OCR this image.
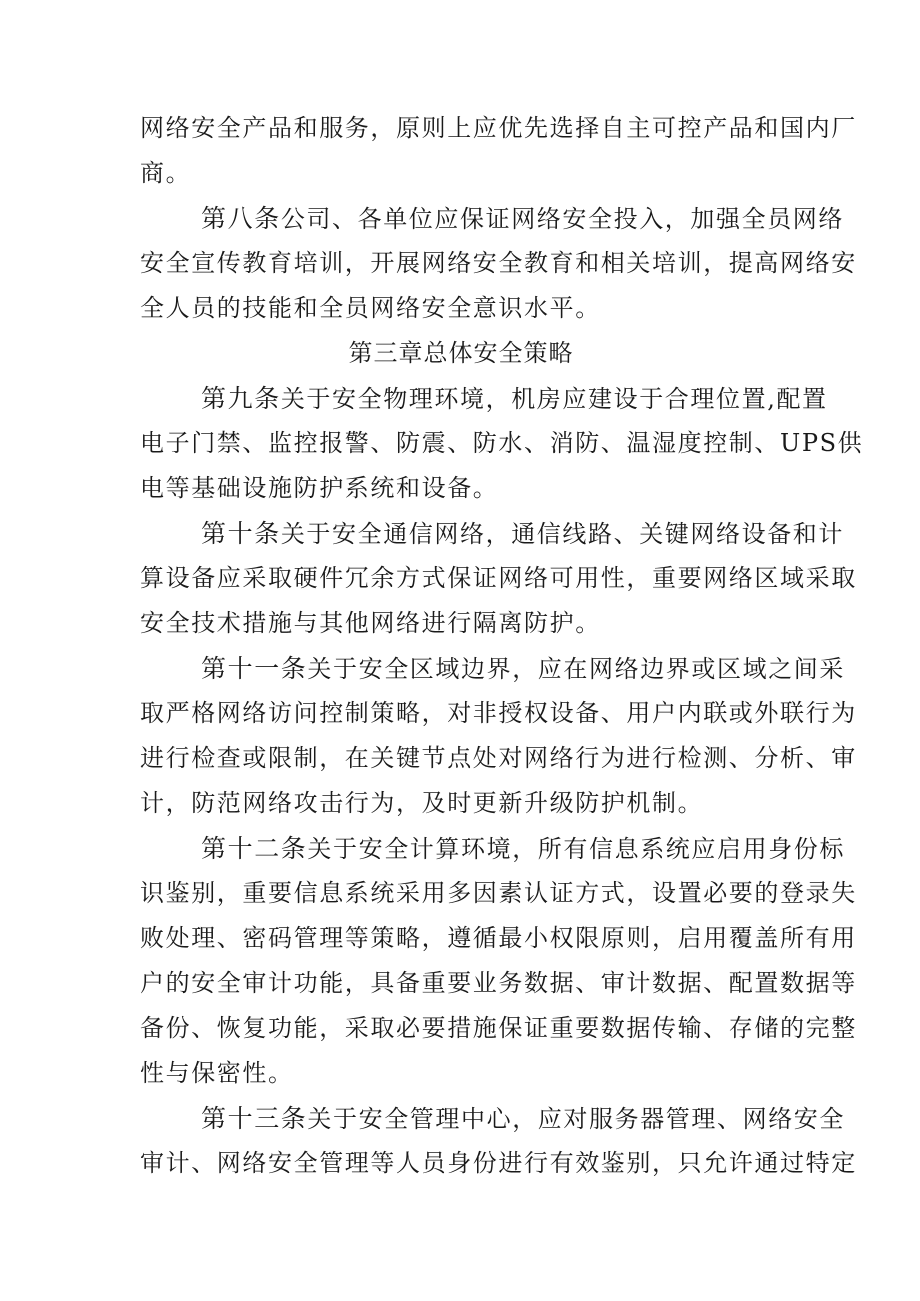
网络安全产品和服务，原则上应优先选择自主可控产品和国内厂
商。
第八条公司、各单位应保证网络安全投入，加强全员网络
安全宣传教育培训，开展网络安全教育和相关培训，提高网络安
全人员的技能和全员网络安全意识水平。
第三章总体安全策略
第九条关于安全物理环境，机房应建设于合理位置,配置
电子门禁、监控报警、防震、防水、消防、温湿度控制、UPS供
电等基础设施防护系统和设备。
第十条关于安全通信网络，通信线路、关键网络设备和计
算设备应采取硬件冗余方式保证网络可用性，重要网络区域采取
安全技术措施与其他网络进行隔离防护。
第十一条关于安全区域边界，应在网络边界或区域之间采
取严格网络访问控制策略，对非授权设备、用户内联或外联行为
进行检查或限制，在关键节点处对网络行为进行检测、分析、审
计，防范网络攻击行为，及时更新升级防护机制。
第十二条关于安全计算环境，所有信息系统应启用身份标
识鉴别，重要信息系统采用多因素认证方式，设置必要的登录失
败处理、密码管理等策略，遵循最小权限原则，启用覆盖所有用
户的安全审计功能，具备重要业务数据、审计数据、配置数据等
备份、恢复功能，采取必要措施保证重要数据传输、存储的完整
性与保密性。
第十三条关于安全管理中心，应对服务器管理、网络安全
审计、网络安全管理等人员身份进行有效鉴别，只允许通过特定
